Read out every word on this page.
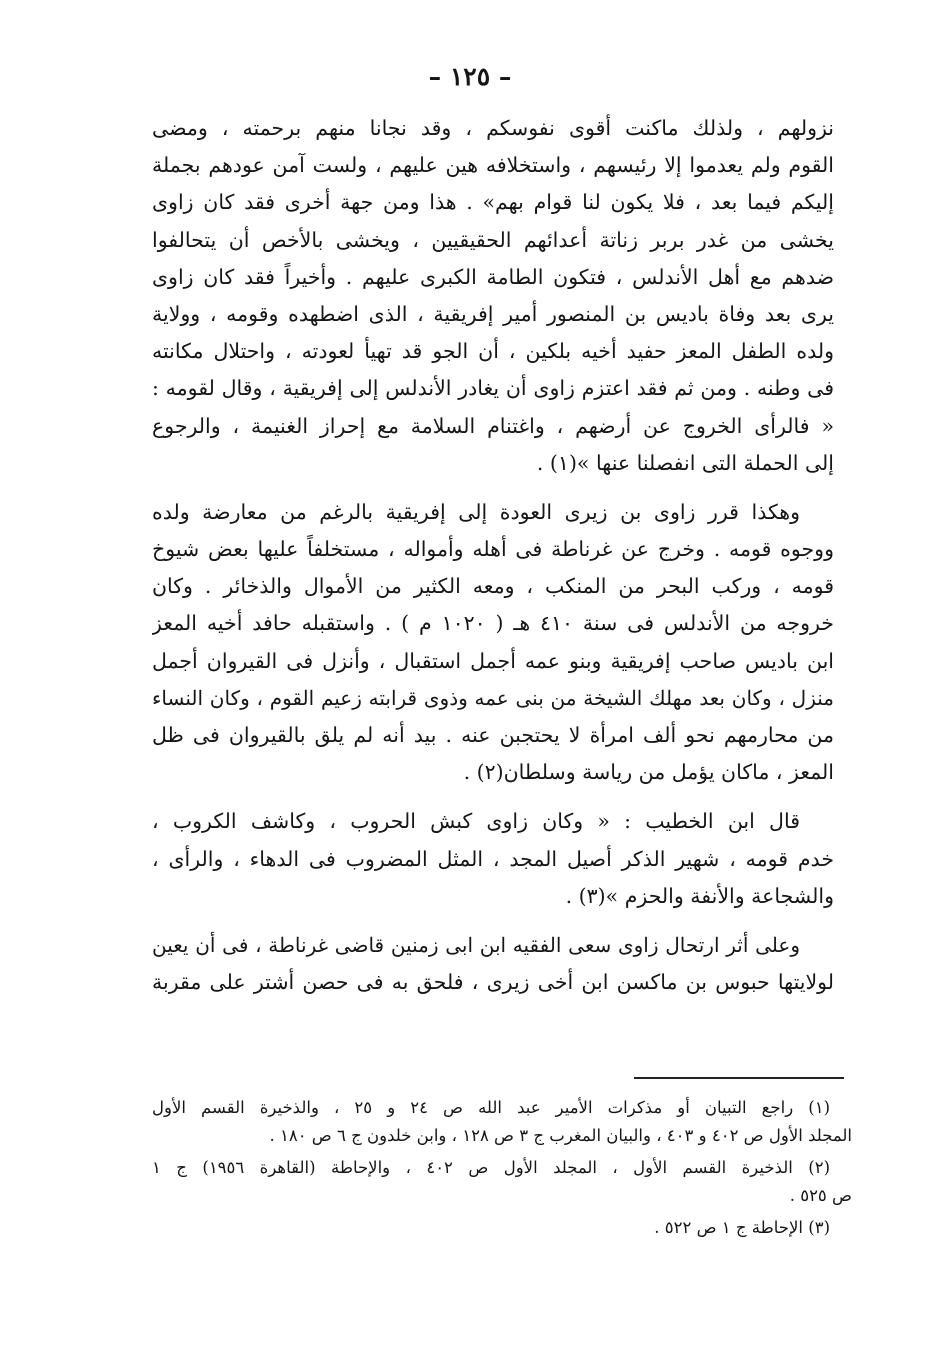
– ١٢٥ –

نزولهم ، ولذلك ماكنت أقوى نفوسكم ، وقد نجانا منهم برحمته ، ومضى
القوم ولم يعدموا إلا رئيسهم ، واستخلافه هين عليهم ، ولست آمن عودهم بجملة
إليكم فيما بعد ، فلا يكون لنا قوام بهم» . هذا ومن جهة أخرى فقد كان زاوى
يخشى من غدر بربر زناتة أعدائهم الحقيقيين ، ويخشى بالأخص أن يتحالفوا
ضدهم مع أهل الأندلس ، فتكون الطامة الكبرى عليهم . وأخيراً فقد كان زاوى
يرى بعد وفاة باديس بن المنصور أمير إفريقية ، الذى اضطهده وقومه ، وولاية
ولده الطفل المعز حفيد أخيه بلكين ، أن الجو قد تهيأ لعودته ، واحتلال مكانته
فى وطنه . ومن ثم فقد اعتزم زاوى أن يغادر الأندلس إلى إفريقية ، وقال لقومه :
« فالرأى الخروج عن أرضهم ، واغتنام السلامة مع إحراز الغنيمة ، والرجوع
إلى الحملة التى انفصلنا عنها »(١) .

وهكذا قرر زاوى بن زيرى العودة إلى إفريقية بالرغم من معارضة ولده
ووجوه قومه . وخرج عن غرناطة فى أهله وأمواله ، مستخلفاً عليها بعض شيوخ
قومه ، وركب البحر من المنكب ، ومعه الكثير من الأموال والذخائر . وكان
خروجه من الأندلس فى سنة ٤١٠ هـ ( ١٠٢٠ م ) . واستقبله حافد أخيه المعز
ابن باديس صاحب إفريقية وبنو عمه أجمل استقبال ، وأنزل فى القيروان أجمل
منزل ، وكان بعد مهلك الشيخة من بنى عمه وذوى قرابته زعيم القوم ، وكان النساء
من محارمهم نحو ألف امرأة لا يحتجبن عنه . بيد أنه لم يلق بالقيروان فى ظل
المعز ، ماكان يؤمل من رياسة وسلطان(٢) .

قال ابن الخطيب : « وكان زاوى كبش الحروب ، وكاشف الكروب ،
خدم قومه ، شهير الذكر أصيل المجد ، المثل المضروب فى الدهاء ، والرأى ،
والشجاعة والأنفة والحزم »(٣) .

وعلى أثر ارتحال زاوى سعى الفقيه ابن ابى زمنين قاضى غرناطة ، فى أن يعين
لولايتها حبوس بن ماكسن ابن أخى زيرى ، فلحق به فى حصن أشتر على مقربة

(١) راجع التبيان أو مذكرات الأمير عبد الله ص ٢٤ و ٢٥ ، والذخيرة القسم الأول
المجلد الأول ص ٤٠٢ و ٤٠٣ ، والبيان المغرب ج ٣ ص ١٢٨ ، وابن خلدون ج ٦ ص ١٨٠ .

(٢) الذخيرة القسم الأول ، المجلد الأول ص ٤٠٢ ، والإحاطة (القاهرة ١٩٥٦) ج ١
ص ٥٢٥ .

(٣) الإحاطة ج ١ ص ٥٢٢ .
